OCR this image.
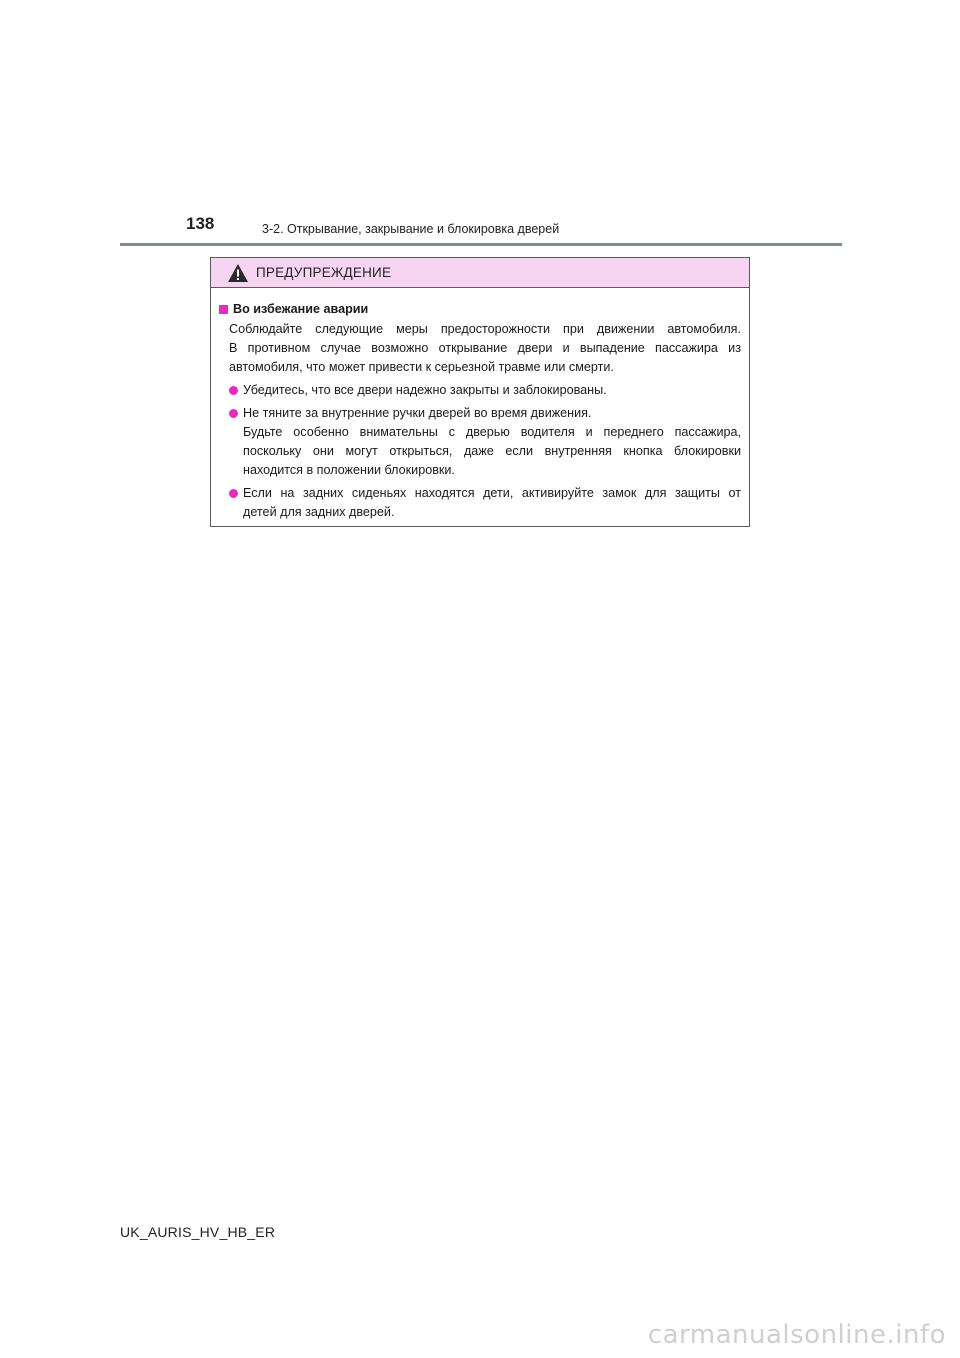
138	3-2. Открывание, закрывание и блокировка дверей
ПРЕДУПРЕЖДЕНИЕ
Во избежание аварии
Соблюдайте следующие меры предосторожности при движении автомобиля.
В противном случае возможно открывание двери и выпадение пассажира из
автомобиля, что может привести к серьезной травме или смерти.
Убедитесь, что все двери надежно закрыты и заблокированы.
Не тяните за внутренние ручки дверей во время движения.
Будьте особенно внимательны с дверью водителя и переднего пассажира,
поскольку они могут открыться, даже если внутренняя кнопка блокировки
находится в положении блокировки.
Если на задних сиденьях находятся дети, активируйте замок для защиты от
детей для задних дверей.
UK_AURIS_HV_HB_ER
carmanualsonline.info
